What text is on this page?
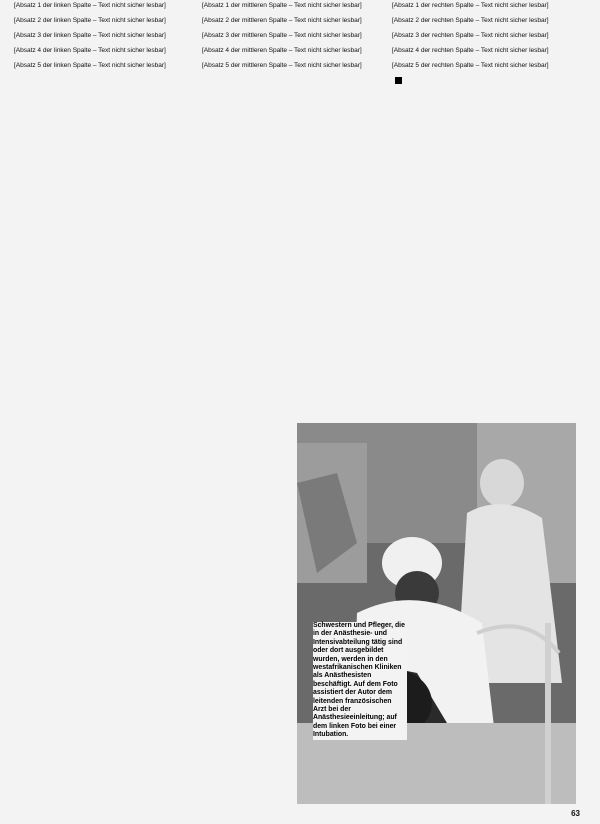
[Absatz 1 der linken Spalte – Text nicht sicher lesbar]

[Absatz 2 der linken Spalte – Text nicht sicher lesbar]

[Absatz 3 der linken Spalte – Text nicht sicher lesbar]

[Absatz 4 der linken Spalte – Text nicht sicher lesbar]

[Absatz 5 der linken Spalte – Text nicht sicher lesbar]

[Absatz 1 der mittleren Spalte – Text nicht sicher lesbar]

[Absatz 2 der mittleren Spalte – Text nicht sicher lesbar]

[Absatz 3 der mittleren Spalte – Text nicht sicher lesbar]

[Absatz 4 der mittleren Spalte – Text nicht sicher lesbar]

[Absatz 5 der mittleren Spalte – Text nicht sicher lesbar]

[Absatz 1 der rechten Spalte – Text nicht sicher lesbar]

[Absatz 2 der rechten Spalte – Text nicht sicher lesbar]

[Absatz 3 der rechten Spalte – Text nicht sicher lesbar]

[Absatz 4 der rechten Spalte – Text nicht sicher lesbar]

[Absatz 5 der rechten Spalte – Text nicht sicher lesbar]

Schwestern und Pfleger, die in der Anästhesie- und Intensivabteilung tätig sind oder dort ausgebildet wurden, werden in den westafrikanischen Kliniken als Anästhesisten beschäftigt. Auf dem Foto assistiert der Autor dem leitenden französischen Arzt bei der Anästhesieeinleitung; auf dem linken Foto bei einer Intubation.

63
